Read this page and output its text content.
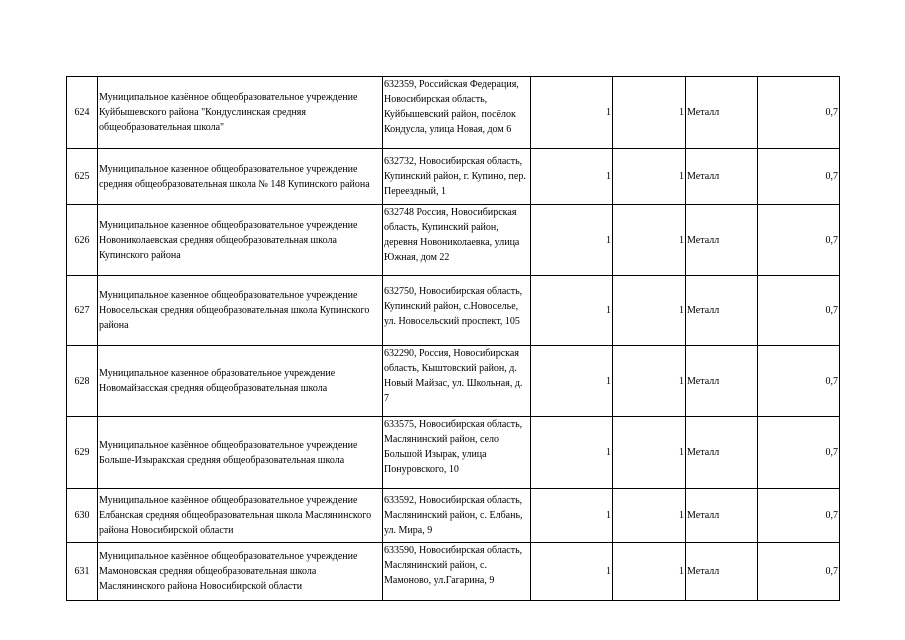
624	Муниципальное казённое общеобразовательное учреждение Куйбышевского района "Кондуслинская средняя общеобразовательная школа"	632359, Российская Федерация, Новосибирская область, Куйбышевский район, посёлок Кондусла, улица Новая, дом 6	1	1	Металл	0,7
625	Муниципальное казенное общеобразовательное учреждение средняя общеобразовательная школа № 148 Купинского района	632732, Новосибирская область, Купинский район, г. Купино, пер. Переездный, 1	1	1	Металл	0,7
626	Муниципальное казенное общеобразовательное учреждение Новониколаевская средняя общеобразовательная школа Купинского района	632748 Россия, Новосибирская область, Купинский район, деревня Новониколаевка, улица Южная, дом 22	1	1	Металл	0,7
627	Муниципальное казенное общеобразовательное учреждение Новосельская средняя общеобразовательная школа Купинского района	632750, Новосибирская область, Купинский район, с.Новоселье, ул. Новосельский проспект, 105	1	1	Металл	0,7
628	Муниципальное казенное образовательное учреждение Новомайзасская средняя общеобразовательная школа	632290, Россия, Новосибирская область, Кыштовский район, д. Новый Майзас, ул. Школьная, д. 7	1	1	Металл	0,7
629	Муниципальное казённое общеобразовательное учреждение Больше-Изыракская средняя общеобразовательная школа	633575, Новосибирская область, Маслянинский район, село Большой Изырак, улица Понуровского, 10	1	1	Металл	0,7
630	Муниципальное казённое общеобразовательное учреждение Елбанская средняя общеобразовательная школа Маслянинского района Новосибирской области	633592, Новосибирская область, Маслянинский район, с. Елбань, ул. Мира, 9	1	1	Металл	0,7
631	Муниципальное казённое общеобразовательное учреждение Мамоновская средняя общеобразовательная школа Маслянинского района Новосибирской области	633590, Новосибирская область, Маслянинский район, с. Мамоново, ул.Гагарина, 9	1	1	Металл	0,7
